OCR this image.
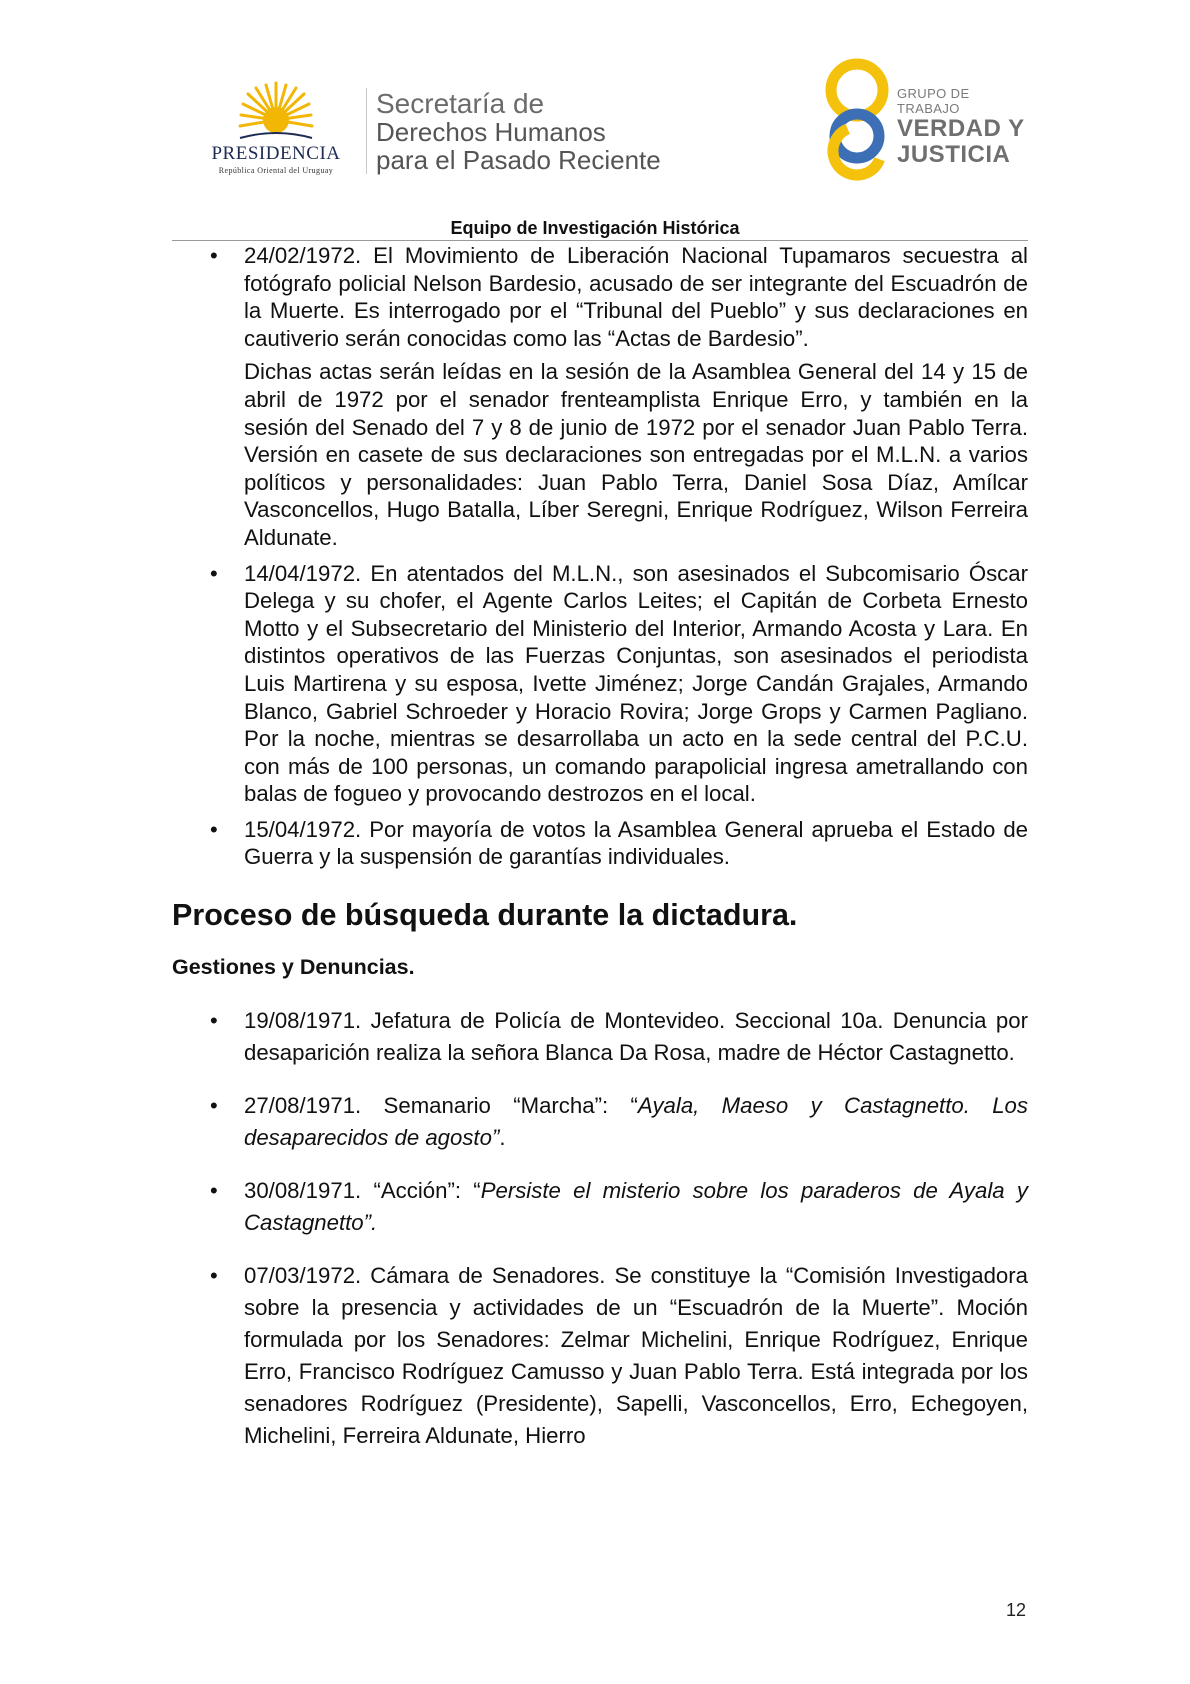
PRESIDENCIA
República Oriental del Uruguay
Secretaría de
Derechos Humanos
para el Pasado Reciente
GRUPO DE TRABAJO
VERDAD Y
JUSTICIA
Equipo de Investigación Histórica
• 24/02/1972. El Movimiento de Liberación Nacional Tupamaros secuestra al fotógrafo policial Nelson Bardesio, acusado de ser integrante del Escuadrón de la Muerte. Es interrogado por el “Tribunal del Pueblo” y sus declaraciones en cautiverio serán conocidas como las “Actas de Bardesio”.

Dichas actas serán leídas en la sesión de la Asamblea General del 14 y 15 de abril de 1972 por el senador frenteamplista Enrique Erro, y también en la sesión del Senado del 7 y 8 de junio de 1972 por el senador Juan Pablo Terra. Versión en casete de sus declaraciones son entregadas por el M.L.N. a varios políticos y personalidades: Juan Pablo Terra, Daniel Sosa Díaz, Amílcar Vasconcellos, Hugo Batalla, Líber Seregni, Enrique Rodríguez, Wilson Ferreira Aldunate.

• 14/04/1972. En atentados del M.L.N., son asesinados el Subcomisario Óscar Delega y su chofer, el Agente Carlos Leites; el Capitán de Corbeta Ernesto Motto y el Subsecretario del Ministerio del Interior, Armando Acosta y Lara. En distintos operativos de las Fuerzas Conjuntas, son asesinados el periodista Luis Martirena y su esposa, Ivette Jiménez; Jorge Candán Grajales, Armando Blanco, Gabriel Schroeder y Horacio Rovira; Jorge Grops y Carmen Pagliano. Por la noche, mientras se desarrollaba un acto en la sede central del P.C.U. con más de 100 personas, un comando parapolicial ingresa ametrallando con balas de fogueo y provocando destrozos en el local.

• 15/04/1972. Por mayoría de votos la Asamblea General aprueba el Estado de Guerra y la suspensión de garantías individuales.

Proceso de búsqueda durante la dictadura.
Gestiones y Denuncias.
• 19/08/1971. Jefatura de Policía de Montevideo. Seccional 10a. Denuncia por desaparición realiza la señora Blanca Da Rosa, madre de Héctor Castagnetto.

• 27/08/1971. Semanario “Marcha”: “Ayala, Maeso y Castagnetto. Los desaparecidos de agosto”.

• 30/08/1971. “Acción”: “Persiste el misterio sobre los paraderos de Ayala y Castagnetto”.

• 07/03/1972. Cámara de Senadores. Se constituye la “Comisión Investigadora sobre la presencia y actividades de un “Escuadrón de la Muerte”. Moción formulada por los Senadores: Zelmar Michelini, Enrique Rodríguez, Enrique Erro, Francisco Rodríguez Camusso y Juan Pablo Terra. Está integrada por los senadores Rodríguez (Presidente), Sapelli, Vasconcellos, Erro, Echegoyen, Michelini, Ferreira Aldunate, Hierro

12
